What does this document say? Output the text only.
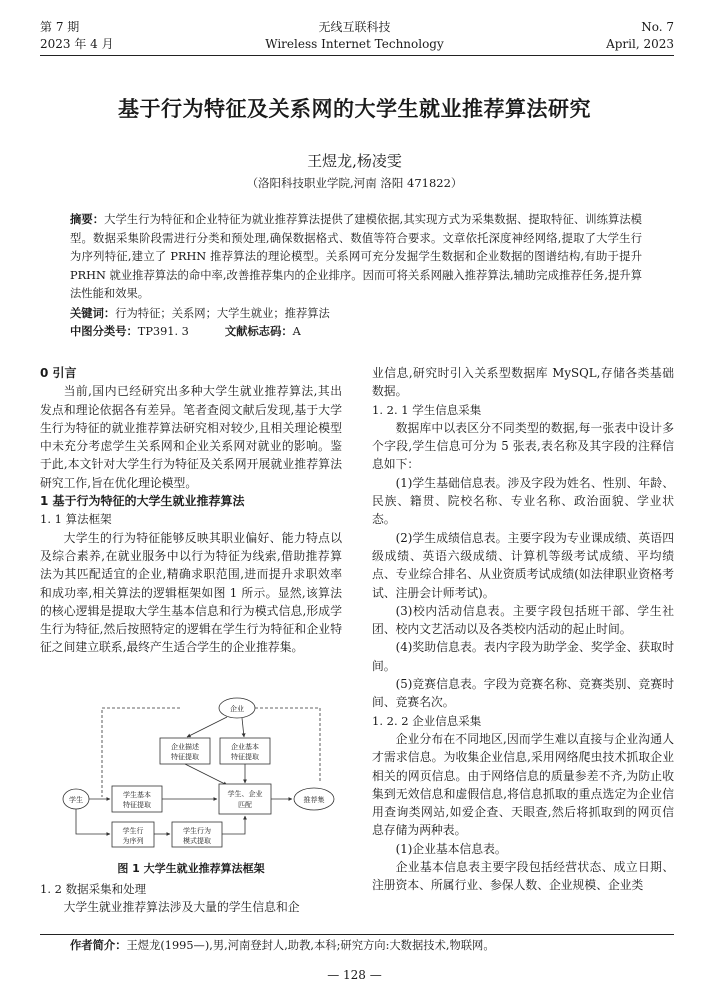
第 7 期
2023 年 4 月
无线互联科技
Wireless Internet Technology
No. 7
April, 2023
基于行为特征及关系网的大学生就业推荐算法研究
王煜龙,杨凌雯
（洛阳科技职业学院,河南 洛阳 471822）
摘要：大学生行为特征和企业特征为就业推荐算法提供了建模依据,其实现方式为采集数据、提取特征、训练算法模型。数据采集阶段需进行分类和预处理,确保数据格式、数值等符合要求。文章依托深度神经网络,提取了大学生行为序列特征,建立了 PRHN 推荐算法的理论模型。关系网可充分发掘学生数据和企业数据的图谱结构,有助于提升 PRHN 就业推荐算法的命中率,改善推荐集内的企业排序。因而可将关系网融入推荐算法,辅助完成推荐任务,提升算法性能和效果。
关键词：行为特征；关系网；大学生就业；推荐算法
中图分类号：TP391. 3	文献标志码：A
0 引言

当前,国内已经研究出多种大学生就业推荐算法,其出发点和理论依据各有差异。笔者查阅文献后发现,基于大学生行为特征的就业推荐算法研究相对较少,且相关理论模型中未充分考虑学生关系网和企业关系网对就业的影响。鉴于此,本文针对大学生行为特征及关系网开展就业推荐算法研究工作,旨在优化理论模型。

1 基于行为特征的大学生就业推荐算法
1. 1 算法框架

大学生的行为特征能够反映其职业偏好、能力特点以及综合素养,在就业服务中以行为特征为线索,借助推荐算法为其匹配适宜的企业,精确求职范围,进而提升求职效率和成功率,相关算法的逻辑框架如图 1 所示。显然,该算法的核心逻辑是提取大学生基本信息和行为模式信息,形成学生行为特征,然后按照特定的逻辑在学生行为特征和企业特征之间建立联系,最终产生适合学生的企业推荐集。

企业
企业描述
特征提取
企业基本
特征提取
学生
学生基本
特征提取
学生、企业
匹配
推荐集
学生行
为序列
学生行为
模式提取
图 1 大学生就业推荐算法框架
1. 2 数据采集和处理

大学生就业推荐算法涉及大量的学生信息和企

业信息,研究时引入关系型数据库 MySQL,存储各类基础数据。
1. 2. 1 学生信息采集

数据库中以表区分不同类型的数据,每一张表中设计多个字段,学生信息可分为 5 张表,表名称及其字段的注释信息如下：

(1)学生基础信息表。涉及字段为姓名、性别、年龄、民族、籍贯、院校名称、专业名称、政治面貌、学业状态。

(2)学生成绩信息表。主要字段为专业课成绩、英语四级成绩、英语六级成绩、计算机等级考试成绩、平均绩点、专业综合排名、从业资质考试成绩(如法律职业资格考试、注册会计师考试)。

(3)校内活动信息表。主要字段包括班干部、学生社团、校内文艺活动以及各类校内活动的起止时间。

(4)奖助信息表。表内字段为助学金、奖学金、获取时间。

(5)竞赛信息表。字段为竞赛名称、竞赛类别、竞赛时间、竞赛名次。

1. 2. 2 企业信息采集

企业分布在不同地区,因而学生难以直接与企业沟通人才需求信息。为收集企业信息,采用网络爬虫技术抓取企业相关的网页信息。由于网络信息的质量参差不齐,为防止收集到无效信息和虚假信息,将信息抓取的重点选定为企业信用查询类网站,如爱企查、天眼查,然后将抓取到的网页信息存储为两种表。

(1)企业基本信息表。

企业基本信息表主要字段包括经营状态、成立日期、注册资本、所属行业、参保人数、企业规模、企业类

作者简介：王煜龙(1995—),男,河南登封人,助教,本科;研究方向:大数据技术,物联网。
— 128 —
